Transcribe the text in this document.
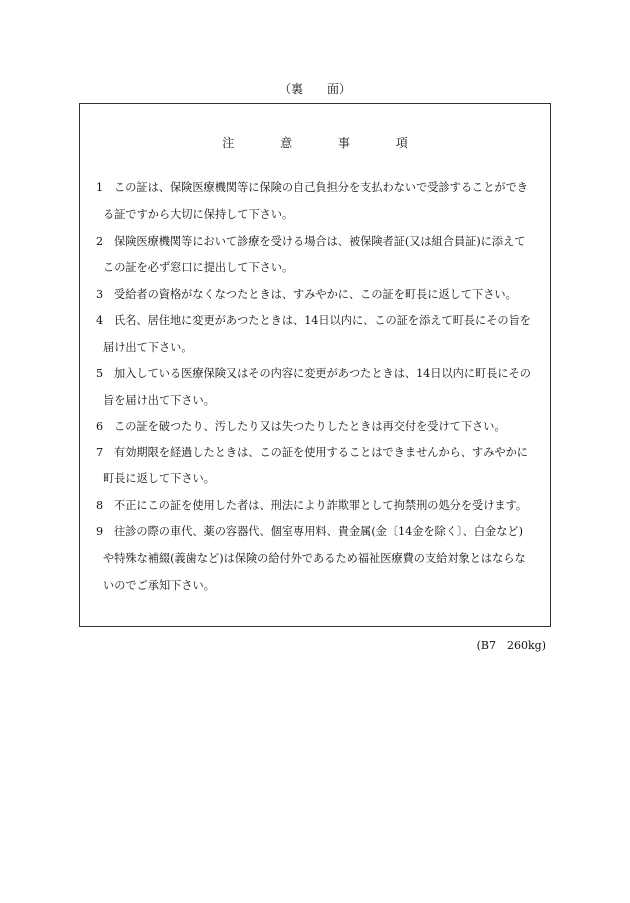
（裏　　面）
注	意	事	項
1 この証は、保険医療機関等に保険の自己負担分を支払わないで受診することができ
る証ですから大切に保持して下さい。
2 保険医療機関等において診療を受ける場合は、被保険者証(又は組合員証)に添えて
この証を必ず窓口に提出して下さい。
3 受給者の資格がなくなつたときは、すみやかに、この証を町長に返して下さい。
4 氏名、居住地に変更があつたときは、14日以内に、この証を添えて町長にその旨を
届け出て下さい。
5 加入している医療保険又はその内容に変更があつたときは、14日以内に町長にその
旨を届け出て下さい。
6 この証を破つたり、汚したり又は失つたりしたときは再交付を受けて下さい。
7 有効期限を経過したときは、この証を使用することはできませんから、すみやかに
町長に返して下さい。
8 不正にこの証を使用した者は、刑法により詐欺罪として拘禁刑の処分を受けます。
9 往診の際の車代、薬の容器代、個室専用料、貴金属(金〔14金を除く〕、白金など)
や特殊な補綴(義歯など)は保険の給付外であるため福祉医療費の支給対象とはならな
いのでご承知下さい。
(B7　260kg)
